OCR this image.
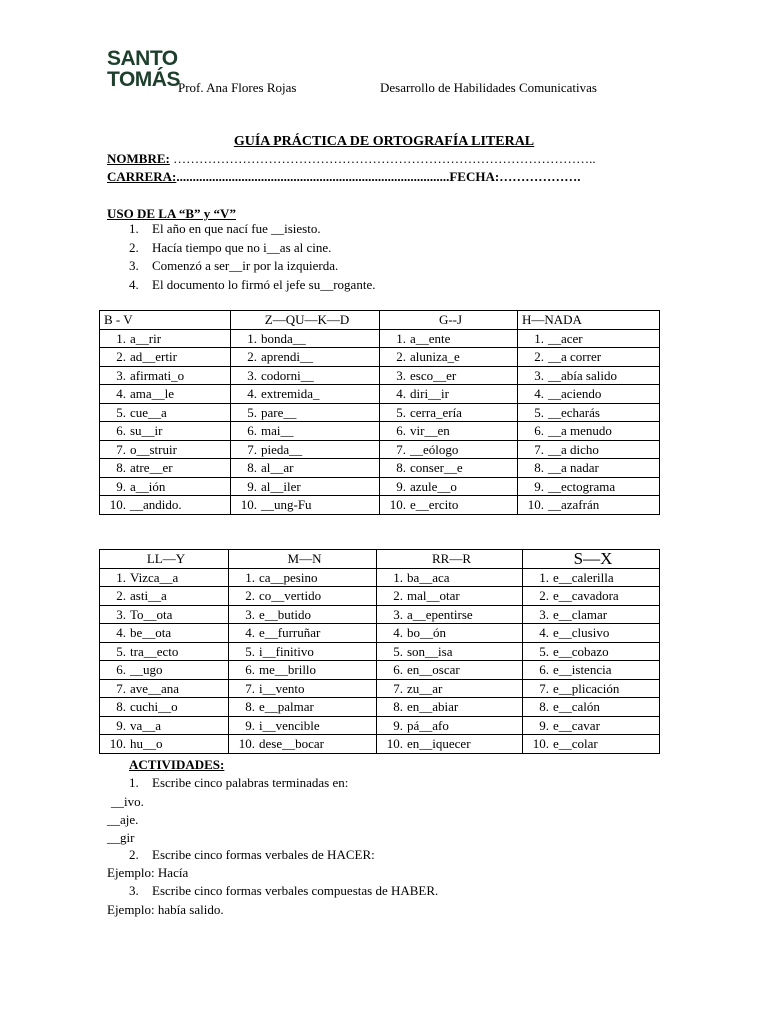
SANTO
TOMÁS
Prof. Ana Flores Rojas	Desarrollo de Habilidades Comunicativas
GUÍA PRÁCTICA DE ORTOGRAFÍA LITERAL
NOMBRE: ……………………………………………………………………………………..
CARRERA:....................................................................................FECHA:……………….
USO DE LA “B” y “V”
1. El año en que nací fue __isiesto.
2. Hacía tiempo que no i__as al cine.
3. Comenzó a ser__ir por la izquierda.
4. El documento lo firmó el jefe su__rogante.
B - V	Z—QU—K—D	G--J	H—NADA
1. a__rir	1. bonda__	1. a__ente	1. __acer
2. ad__ertir	2. aprendi__	2. aluniza_e	2. __a correr
3. afirmati_o	3. codorni__	3. esco__er	3. __abía salido
4. ama__le	4. extremida_	4. diri__ir	4. __aciendo
5. cue__a	5. pare__	5. cerra_ería	5. __echarás
6. su__ir	6. mai__	6. vir__en	6. __a menudo
7. o__struir	7. pieda__	7. __eólogo	7. __a dicho
8. atre__er	8. al__ar	8. conser__e	8. __a nadar
9. a__ión	9. al__iler	9. azule__o	9. __ectograma
10. __andido.	10. __ung-Fu	10. e__ercito	10. __azafrán
LL—Y	M—N	RR—R	S—X
1. Vizca__a	1. ca__pesino	1. ba__aca	1. e__calerilla
2. asti__a	2. co__vertido	2. mal__otar	2. e__cavadora
3. To__ota	3. e__butido	3. a__epentirse	3. e__clamar
4. be__ota	4. e__furruñar	4. bo__ón	4. e__clusivo
5. tra__ecto	5. i__finitivo	5. son__isa	5. e__cobazo
6. __ugo	6. me__brillo	6. en__oscar	6. e__istencia
7. ave__ana	7. i__vento	7. zu__ar	7. e__plicación
8. cuchi__o	8. e__palmar	8. en__abiar	8. e__calón
9. va__a	9. i__vencible	9. pá__afo	9. e__cavar
10. hu__o	10. dese__bocar	10. en__iquecer	10. e__colar
ACTIVIDADES:
1. Escribe cinco palabras terminadas en:
__ivo.
__aje.
__gir
2. Escribe cinco formas verbales de HACER:
Ejemplo: Hacía
3. Escribe cinco formas verbales compuestas de HABER.
Ejemplo: había salido.
